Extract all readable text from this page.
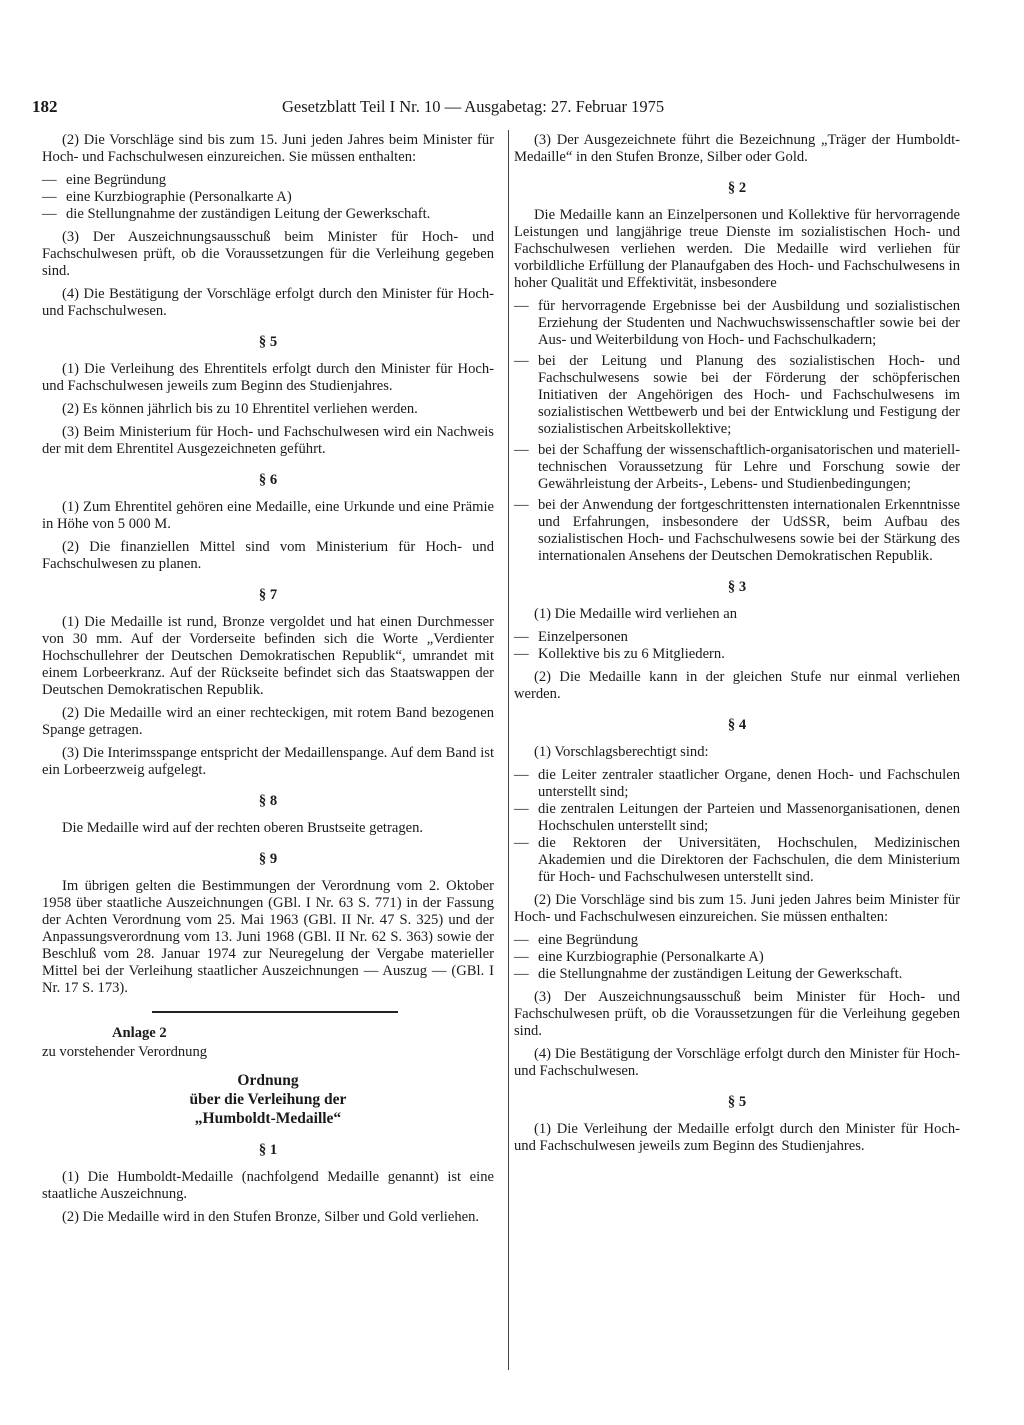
182	Gesetzblatt Teil I Nr. 10 — Ausgabetag: 27. Februar 1975

(2) Die Vorschläge sind bis zum 15. Juni jeden Jahres beim Minister für Hoch- und Fachschulwesen einzureichen. Sie müssen enthalten:

— eine Begründung
— eine Kurzbiographie (Personalkarte A)
— die Stellungnahme der zuständigen Leitung der Gewerkschaft.

(3) Der Auszeichnungsausschuß beim Minister für Hoch- und Fachschulwesen prüft, ob die Voraussetzungen für die Verleihung gegeben sind.

(4) Die Bestätigung der Vorschläge erfolgt durch den Minister für Hoch- und Fachschulwesen.

§ 5

(1) Die Verleihung des Ehrentitels erfolgt durch den Minister für Hoch- und Fachschulwesen jeweils zum Beginn des Studienjahres.

(2) Es können jährlich bis zu 10 Ehrentitel verliehen werden.

(3) Beim Ministerium für Hoch- und Fachschulwesen wird ein Nachweis der mit dem Ehrentitel Ausgezeichneten geführt.

§ 6

(1) Zum Ehrentitel gehören eine Medaille, eine Urkunde und eine Prämie in Höhe von 5 000 M.

(2) Die finanziellen Mittel sind vom Ministerium für Hoch- und Fachschulwesen zu planen.

§ 7

(1) Die Medaille ist rund, Bronze vergoldet und hat einen Durchmesser von 30 mm. Auf der Vorderseite befinden sich die Worte „Verdienter Hochschullehrer der Deutschen Demokratischen Republik“, umrandet mit einem Lorbeerkranz. Auf der Rückseite befindet sich das Staatswappen der Deutschen Demokratischen Republik.

(2) Die Medaille wird an einer rechteckigen, mit rotem Band bezogenen Spange getragen.

(3) Die Interimsspange entspricht der Medaillenspange. Auf dem Band ist ein Lorbeerzweig aufgelegt.

§ 8

Die Medaille wird auf der rechten oberen Brustseite getragen.

§ 9

Im übrigen gelten die Bestimmungen der Verordnung vom 2. Oktober 1958 über staatliche Auszeichnungen (GBl. I Nr. 63 S. 771) in der Fassung der Achten Verordnung vom 25. Mai 1963 (GBl. II Nr. 47 S. 325) und der Anpassungsverordnung vom 13. Juni 1968 (GBl. II Nr. 62 S. 363) sowie der Beschluß vom 28. Januar 1974 zur Neuregelung der Vergabe materieller Mittel bei der Verleihung staatlicher Auszeichnungen — Auszug — (GBl. I Nr. 17 S. 173).

Anlage 2
zu vorstehender Verordnung
Ordnung
über die Verleihung der
„Humboldt-Medaille“
§ 1

(1) Die Humboldt-Medaille (nachfolgend Medaille genannt) ist eine staatliche Auszeichnung.

(2) Die Medaille wird in den Stufen Bronze, Silber und Gold verliehen.

(3) Der Ausgezeichnete führt die Bezeichnung „Träger der Humboldt-Medaille“ in den Stufen Bronze, Silber oder Gold.

§ 2

Die Medaille kann an Einzelpersonen und Kollektive für hervorragende Leistungen und langjährige treue Dienste im sozialistischen Hoch- und Fachschulwesen verliehen werden. Die Medaille wird verliehen für vorbildliche Erfüllung der Planaufgaben des Hoch- und Fachschulwesens in hoher Qualität und Effektivität, insbesondere

— für hervorragende Ergebnisse bei der Ausbildung und sozialistischen Erziehung der Studenten und Nachwuchswissenschaftler sowie bei der Aus- und Weiterbildung von Hoch- und Fachschulkadern;
— bei der Leitung und Planung des sozialistischen Hoch- und Fachschulwesens sowie bei der Förderung der schöpferischen Initiativen der Angehörigen des Hoch- und Fachschulwesens im sozialistischen Wettbewerb und bei der Entwicklung und Festigung der sozialistischen Arbeitskollektive;
— bei der Schaffung der wissenschaftlich-organisatorischen und materiell-technischen Voraussetzung für Lehre und Forschung sowie der Gewährleistung der Arbeits-, Lebens- und Studienbedingungen;
— bei der Anwendung der fortgeschrittensten internationalen Erkenntnisse und Erfahrungen, insbesondere der UdSSR, beim Aufbau des sozialistischen Hoch- und Fachschulwesens sowie bei der Stärkung des internationalen Ansehens der Deutschen Demokratischen Republik.
§ 3

(1) Die Medaille wird verliehen an

— Einzelpersonen
— Kollektive bis zu 6 Mitgliedern.

(2) Die Medaille kann in der gleichen Stufe nur einmal verliehen werden.

§ 4

(1) Vorschlagsberechtigt sind:

— die Leiter zentraler staatlicher Organe, denen Hoch- und Fachschulen unterstellt sind;
— die zentralen Leitungen der Parteien und Massenorganisationen, denen Hochschulen unterstellt sind;
— die Rektoren der Universitäten, Hochschulen, Medizinischen Akademien und die Direktoren der Fachschulen, die dem Ministerium für Hoch- und Fachschulwesen unterstellt sind.

(2) Die Vorschläge sind bis zum 15. Juni jeden Jahres beim Minister für Hoch- und Fachschulwesen einzureichen. Sie müssen enthalten:

— eine Begründung
— eine Kurzbiographie (Personalkarte A)
— die Stellungnahme der zuständigen Leitung der Gewerkschaft.

(3) Der Auszeichnungsausschuß beim Minister für Hoch- und Fachschulwesen prüft, ob die Voraussetzungen für die Verleihung gegeben sind.

(4) Die Bestätigung der Vorschläge erfolgt durch den Minister für Hoch- und Fachschulwesen.

§ 5

(1) Die Verleihung der Medaille erfolgt durch den Minister für Hoch- und Fachschulwesen jeweils zum Beginn des Studienjahres.
